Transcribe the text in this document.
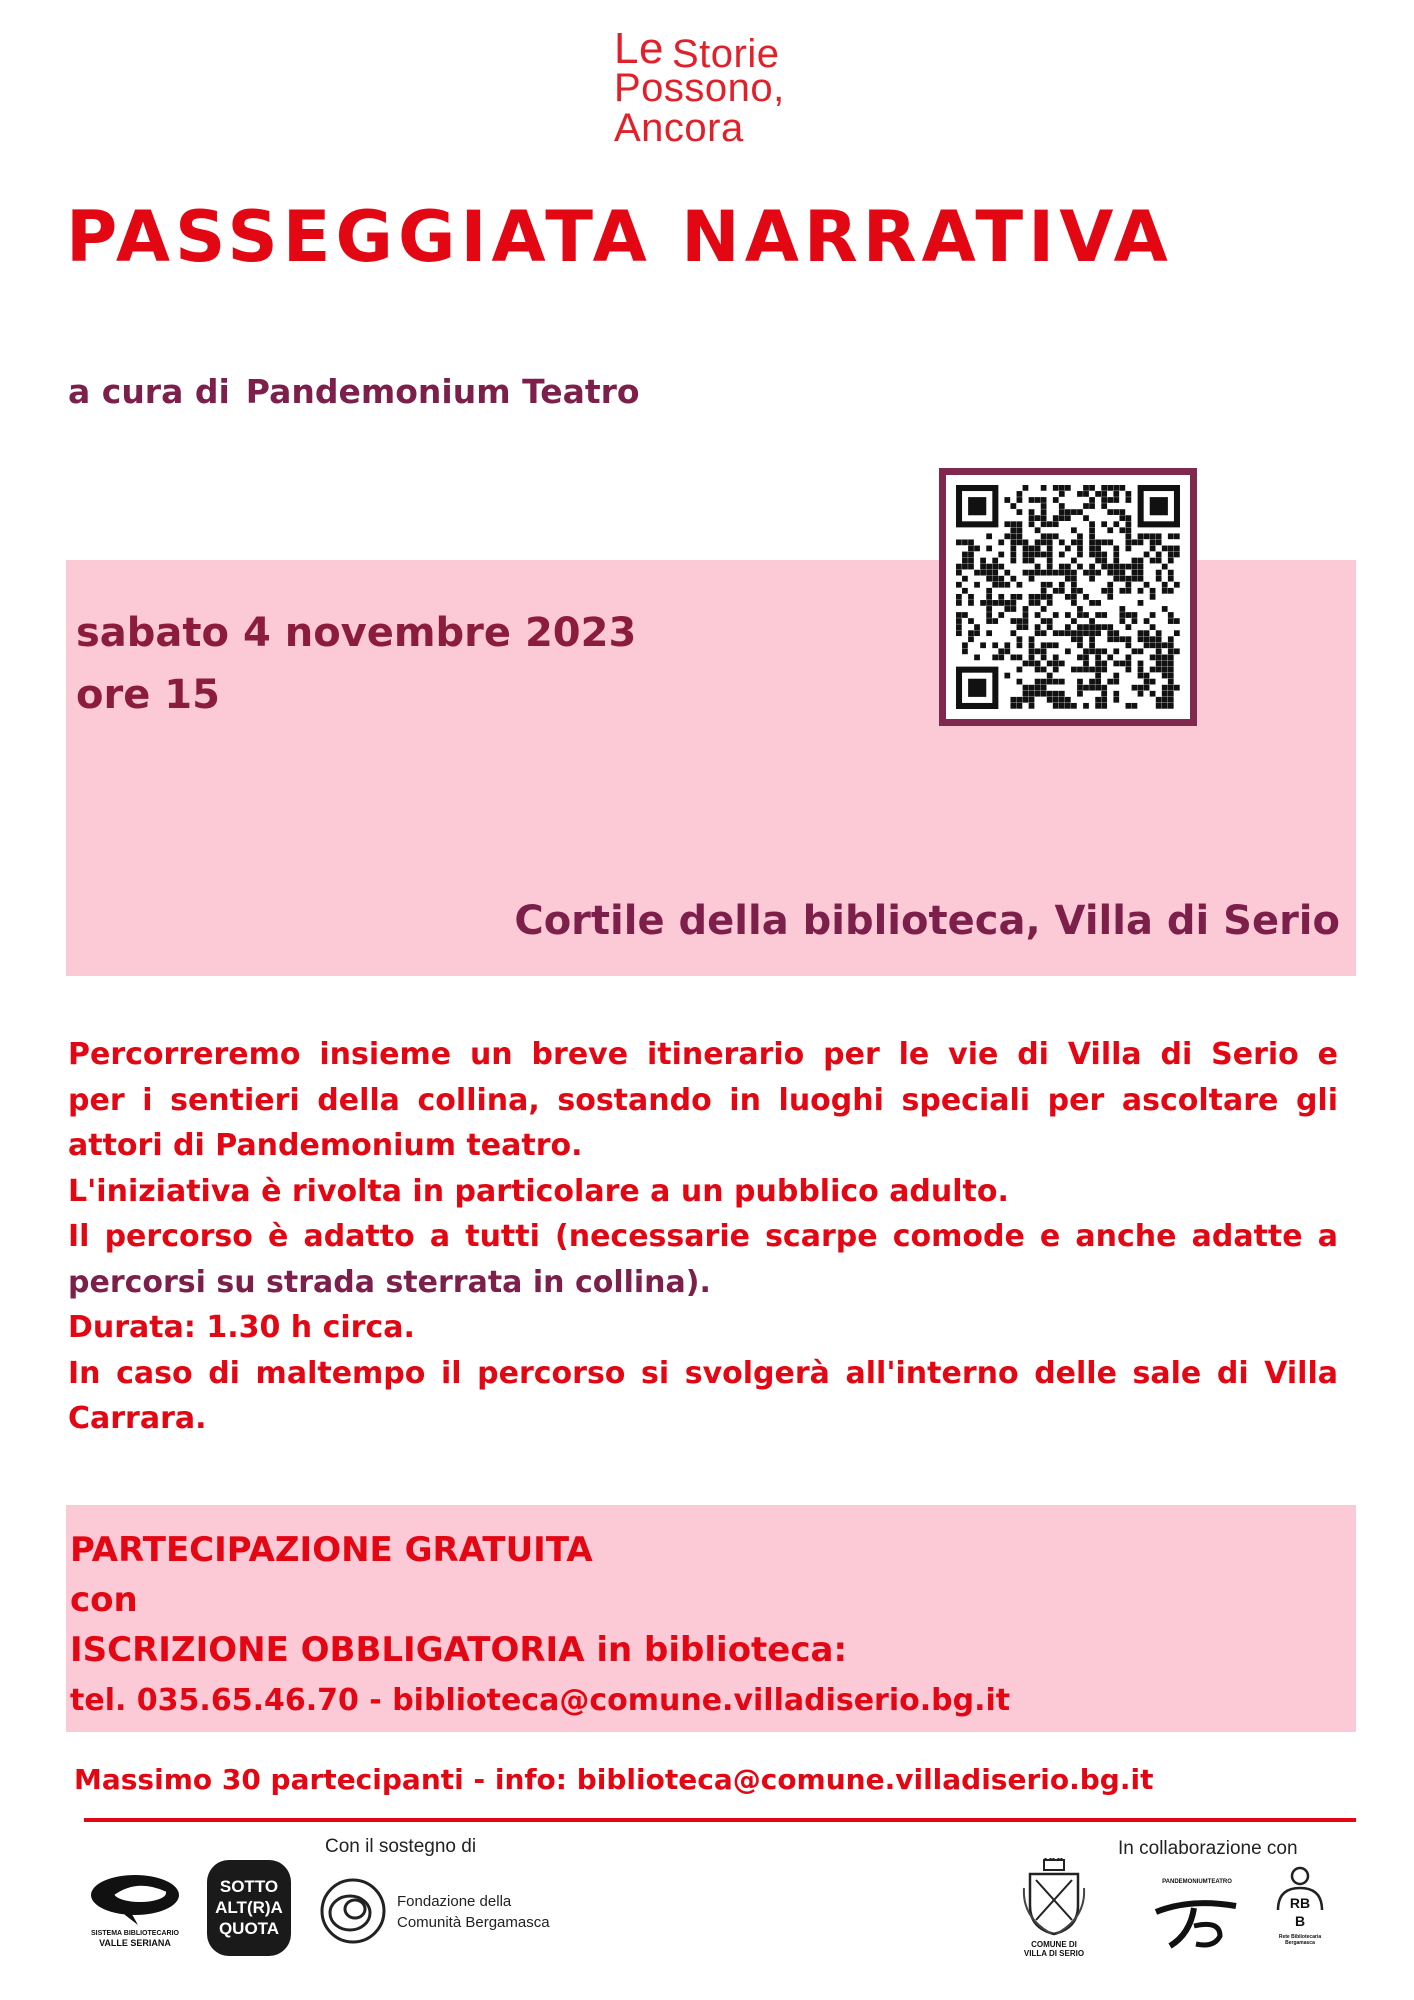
Le Storie
Possono,
Ancora
PASSEGGIATA NARRATIVA
a cura di Pandemonium Teatro
sabato 4 novembre 2023
ore 15
Cortile della biblioteca, Villa di Serio

Percorreremo insieme un breve itinerario per le vie di Villa di Serio e

per i sentieri della collina, sostando in luoghi speciali per ascoltare gli

attori di Pandemonium teatro.

L'iniziativa è rivolta in particolare a un pubblico adulto.

Il percorso è adatto a tutti (necessarie scarpe comode e anche adatte a

percorsi su strada sterrata in collina).

Durata: 1.30 h circa.

In caso di maltempo il percorso si svolgerà all'interno delle sale di Villa

Carrara.

PARTECIPAZIONE GRATUITA
con
ISCRIZIONE OBBLIGATORIA in biblioteca:
tel. 035.65.46.70 - biblioteca@comune.villadiserio.bg.it
Massimo 30 partecipanti - info: biblioteca@comune.villadiserio.bg.it
Con il sostegno di	In collaborazione con
SISTEMA BIBLIOTECARIO
VALLE SERIANA
SOTTO
ALT(R)A
QUOTA
Fondazione della
Comunità Bergamasca
COMUNE DI
VILLA DI SERIO
PANDEMONIUMTEATRO
RB
B
Rete Bibliotecaria Bergamasca
